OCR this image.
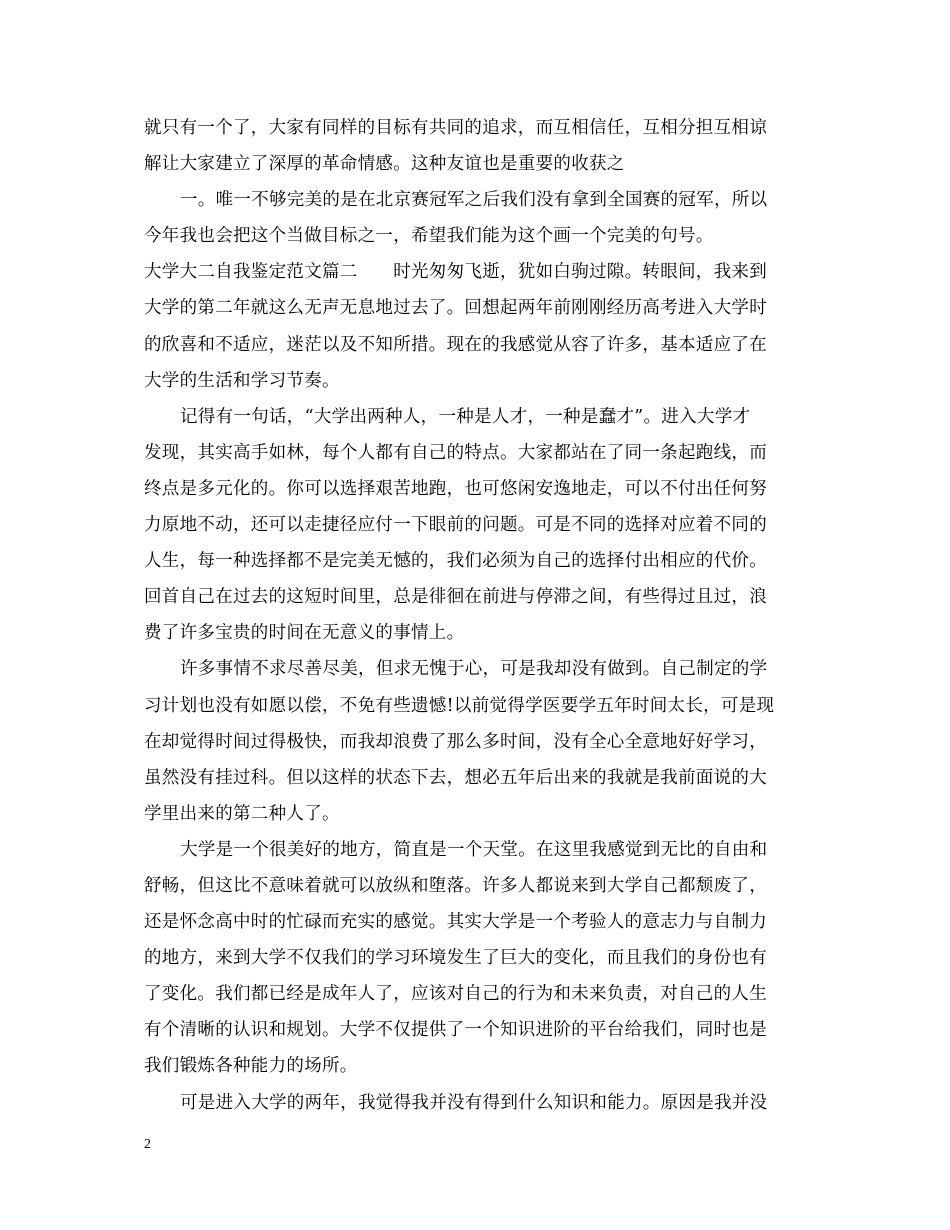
就只有一个了，大家有同样的目标有共同的追求，而互相信任，互相分担互相谅
解让大家建立了深厚的革命情感。这种友谊也是重要的收获之
一。唯一不够完美的是在北京赛冠军之后我们没有拿到全国赛的冠军，所以
今年我也会把这个当做目标之一，希望我们能为这个画一个完美的句号。
大学大二自我鉴定范文篇二　　时光匆匆飞逝，犹如白驹过隙。转眼间，我来到
大学的第二年就这么无声无息地过去了。回想起两年前刚刚经历高考进入大学时
的欣喜和不适应，迷茫以及不知所措。现在的我感觉从容了许多，基本适应了在
大学的生活和学习节奏。
记得有一句话，“大学出两种人，一种是人才，一种是蠢才”。进入大学才
发现，其实高手如林，每个人都有自己的特点。大家都站在了同一条起跑线，而
终点是多元化的。你可以选择艰苦地跑，也可悠闲安逸地走，可以不付出任何努
力原地不动，还可以走捷径应付一下眼前的问题。可是不同的选择对应着不同的
人生，每一种选择都不是完美无憾的，我们必须为自己的选择付出相应的代价。
回首自己在过去的这短时间里，总是徘徊在前进与停滞之间，有些得过且过，浪
费了许多宝贵的时间在无意义的事情上。
许多事情不求尽善尽美，但求无愧于心，可是我却没有做到。自己制定的学
习计划也没有如愿以偿，不免有些遗憾!以前觉得学医要学五年时间太长，可是现
在却觉得时间过得极快，而我却浪费了那么多时间，没有全心全意地好好学习，
虽然没有挂过科。但以这样的状态下去，想必五年后出来的我就是我前面说的大
学里出来的第二种人了。
大学是一个很美好的地方，简直是一个天堂。在这里我感觉到无比的自由和
舒畅，但这比不意味着就可以放纵和堕落。许多人都说来到大学自己都颓废了，
还是怀念高中时的忙碌而充实的感觉。其实大学是一个考验人的意志力与自制力
的地方，来到大学不仅我们的学习环境发生了巨大的变化，而且我们的身份也有
了变化。我们都已经是成年人了，应该对自己的行为和未来负责，对自己的人生
有个清晰的认识和规划。大学不仅提供了一个知识进阶的平台给我们，同时也是
我们锻炼各种能力的场所。
可是进入大学的两年，我觉得我并没有得到什么知识和能力。原因是我并没
2
